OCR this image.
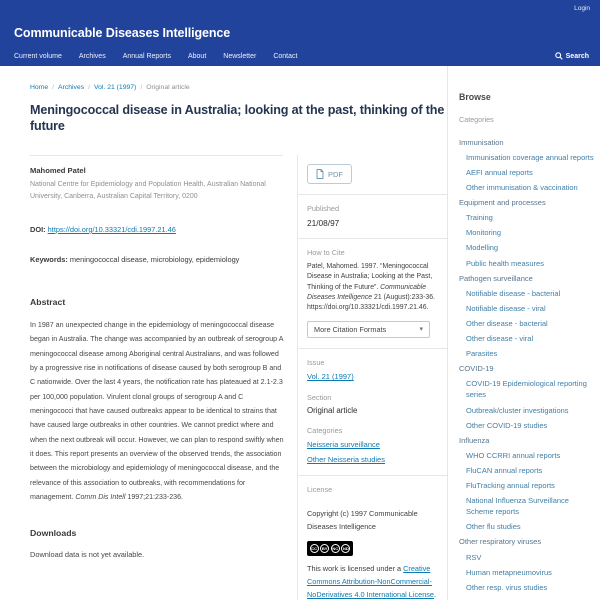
Login
Communicable Diseases Intelligence
Current volume Archives Annual Reports About Newsletter Contact	Search
Home / Archives / Vol. 21 (1997) / Original article
Meningococcal disease in Australia; looking at the past, thinking of the future
Mahomed Patel
National Centre for Epidemiology and Population Health, Australian National University, Canberra, Australian Capital Territory, 0200
DOI: https://doi.org/10.33321/cdi.1997.21.46
Keywords: meningococcal disease, microbiology, epidemiology
Abstract
In 1987 an unexpected change in the epidemiology of meningococcal disease began in Australia. The change was accompanied by an outbreak of serogroup A meningococcal disease among Aboriginal central Australians, and was followed by a progressive rise in notifications of disease caused by both serogroup B and C nationwide. Over the last 4 years, the notification rate has plateaued at 2.1-2.3 per 100,000 population. Virulent clonal groups of serogroup A and C meningococci that have caused outbreaks appear to be identical to strains that have caused large outbreaks in other countries. We cannot predict where and when the next outbreak will occur. However, we can plan to respond swiftly when it does. This report presents an overview of the observed trends, the association between the microbiology and epidemiology of meningococcal disease, and the relevance of this association to outbreaks, with recommendations for management. Comm Dis Intell 1997;21:233-236.
Downloads
Download data is not yet available.
PDF
Published
21/08/97
How to Cite
Patel, Mahomed. 1997. “Meningococcal Disease in Australia; Looking at the Past, Thinking of the Future”. Communicable Diseases Intelligence 21 (August):233-36. https://doi.org/10.33321/cdi.1997.21.46.
More Citation Formats	▾
Issue
Vol. 21 (1997)
Section
Original article
Categories
Neisseria surveillance
Other Neisseria studies
License
Copyright (c) 1997 Communicable Diseases Intelligence
CC	BY	NC	ND
This work is licensed under a Creative Commons Attribution-NonCommercial-NoDerivatives 4.0 International License.
Browse
Categories
Immunisation
Immunisation coverage annual reports
AEFI annual reports
Other immunisation & vaccination
Equipment and processes
Training
Monitoring
Modelling
Public health measures
Pathogen surveillance
Notifiable disease - bacterial
Notifiable disease - viral
Other disease - bacterial
Other disease - viral
Parasites
COVID-19
COVID-19 Epidemiological reporting series
Outbreak/cluster investigations
Other COVID-19 studies
Influenza
WHO CCRRI annual reports
FluCAN annual reports
FluTracking annual reports
National Influenza Surveillance Scheme reports
Other flu studies
Other respiratory viruses
RSV
Human metapneumovirus
Other resp. virus studies
